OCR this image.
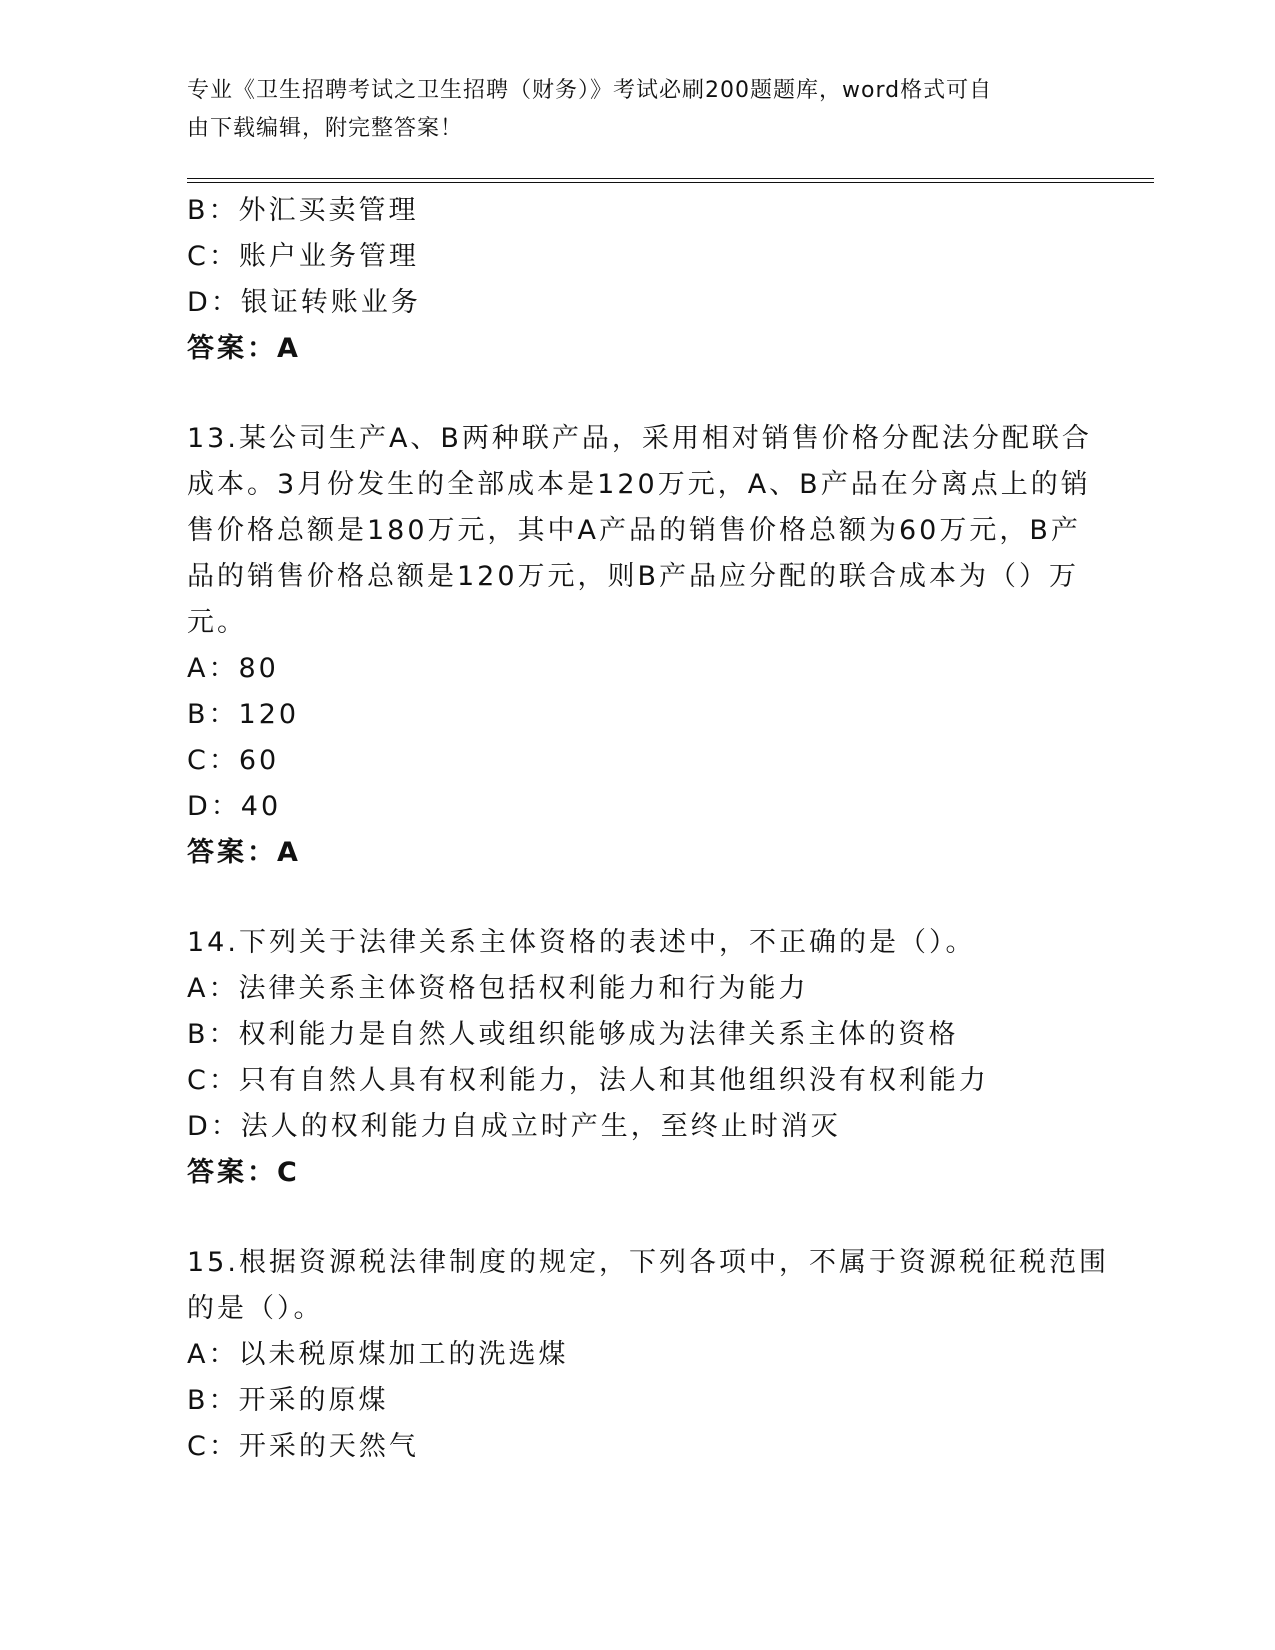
专业《卫生招聘考试之卫生招聘（财务）》考试必刷200题题库，word格式可自
由下载编辑，附完整答案！
B：外汇买卖管理
C：账户业务管理
D：银证转账业务
答案：A
13.某公司生产A、B两种联产品，采用相对销售价格分配法分配联合
成本。3月份发生的全部成本是120万元，A、B产品在分离点上的销
售价格总额是180万元，其中A产品的销售价格总额为60万元，B产
品的销售价格总额是120万元，则B产品应分配的联合成本为（）万
元。
A：80
B：120
C：60
D：40
答案：A
14.下列关于法律关系主体资格的表述中，不正确的是（）。
A：法律关系主体资格包括权利能力和行为能力
B：权利能力是自然人或组织能够成为法律关系主体的资格
C：只有自然人具有权利能力，法人和其他组织没有权利能力
D：法人的权利能力自成立时产生，至终止时消灭
答案：C
15.根据资源税法律制度的规定，下列各项中，不属于资源税征税范围
的是（）。
A：以未税原煤加工的洗选煤
B：开采的原煤
C：开采的天然气
